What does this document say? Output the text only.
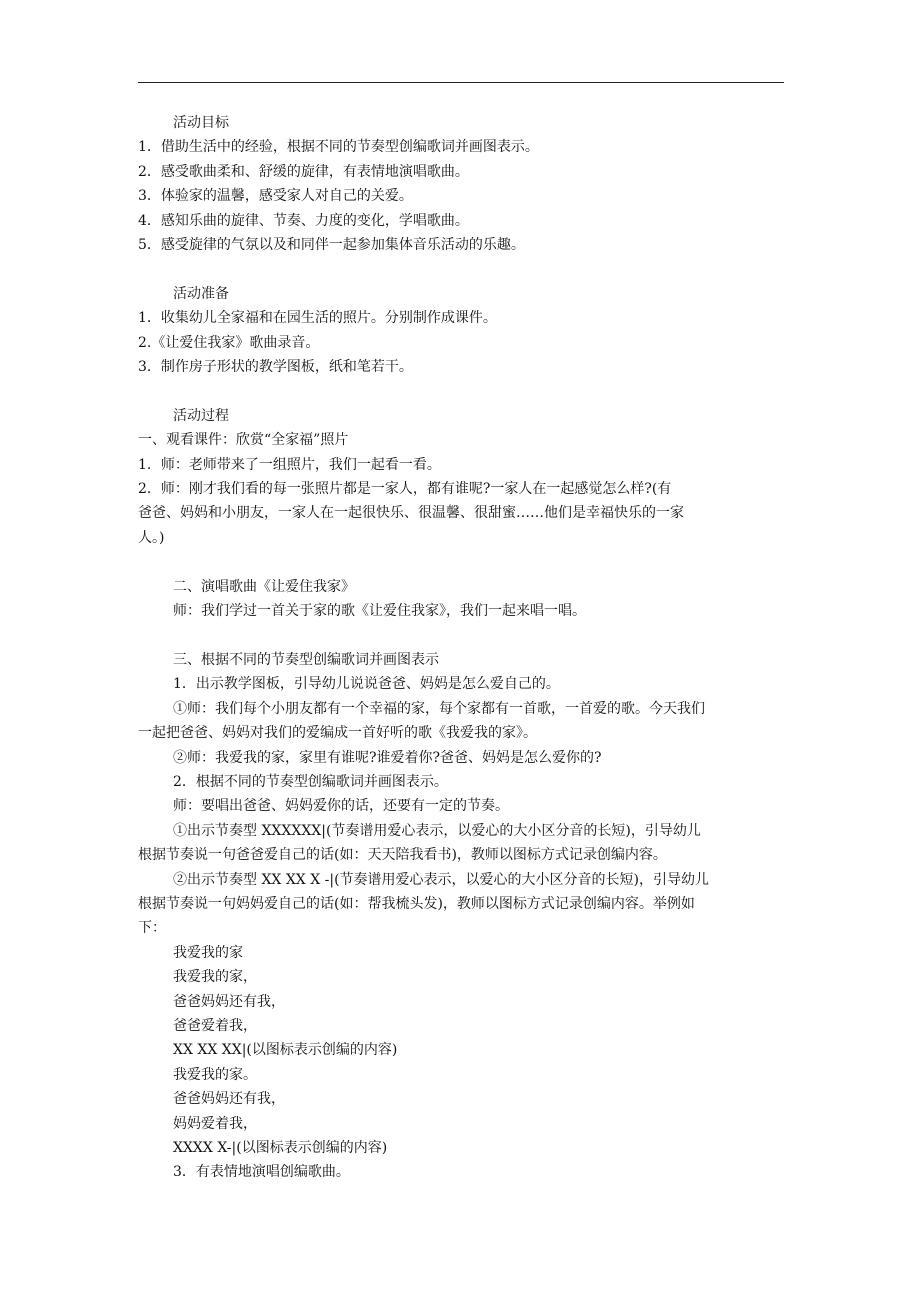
活动目标

1．借助生活中的经验，根据不同的节奏型创编歌词并画图表示。

2．感受歌曲柔和、舒缓的旋律，有表情地演唱歌曲。

3．体验家的温馨，感受家人对自己的关爱。

4．感知乐曲的旋律、节奏、力度的变化，学唱歌曲。

5．感受旋律的气氛以及和同伴一起参加集体音乐活动的乐趣。

活动准备

1．收集幼儿全家福和在园生活的照片。分别制作成课件。

2.《让爱住我家》歌曲录音。

3．制作房子形状的教学图板，纸和笔若干。

活动过程

一、观看课件：欣赏“全家福”照片

1．师：老师带来了一组照片，我们一起看一看。

2．师：刚才我们看的每一张照片都是一家人，都有谁呢?一家人在一起感觉怎么样?(有

爸爸、妈妈和小朋友，一家人在一起很快乐、很温馨、很甜蜜……他们是幸福快乐的一家

人。)

二、演唱歌曲《让爱住我家》

师：我们学过一首关于家的歌《让爱住我家》，我们一起来唱一唱。

三、根据不同的节奏型创编歌词并画图表示

1．出示教学图板，引导幼儿说说爸爸、妈妈是怎么爱自己的。

①师：我们每个小朋友都有一个幸福的家，每个家都有一首歌，一首爱的歌。今天我们

一起把爸爸、妈妈对我们的爱编成一首好听的歌《我爱我的家》。

②师：我爱我的家，家里有谁呢?谁爱着你?爸爸、妈妈是怎么爱你的?

2．根据不同的节奏型创编歌词并画图表示。

师：要唱出爸爸、妈妈爱你的话，还要有一定的节奏。

①出示节奏型 XXXXXX|(节奏谱用爱心表示，以爱心的大小区分音的长短)，引导幼儿

根据节奏说一句爸爸爱自己的话(如：天天陪我看书)，教师以图标方式记录创编内容。

②出示节奏型 XX XX X -|(节奏谱用爱心表示，以爱心的大小区分音的长短)，引导幼儿

根据节奏说一句妈妈爱自己的话(如：帮我梳头发)，教师以图标方式记录创编内容。举例如

下：

我爱我的家

我爱我的家，

爸爸妈妈还有我，

爸爸爱着我，

XX XX XX|(以图标表示创编的内容)

我爱我的家。

爸爸妈妈还有我，

妈妈爱着我，

XXXX X-|(以图标表示创编的内容)

3．有表情地演唱创编歌曲。
